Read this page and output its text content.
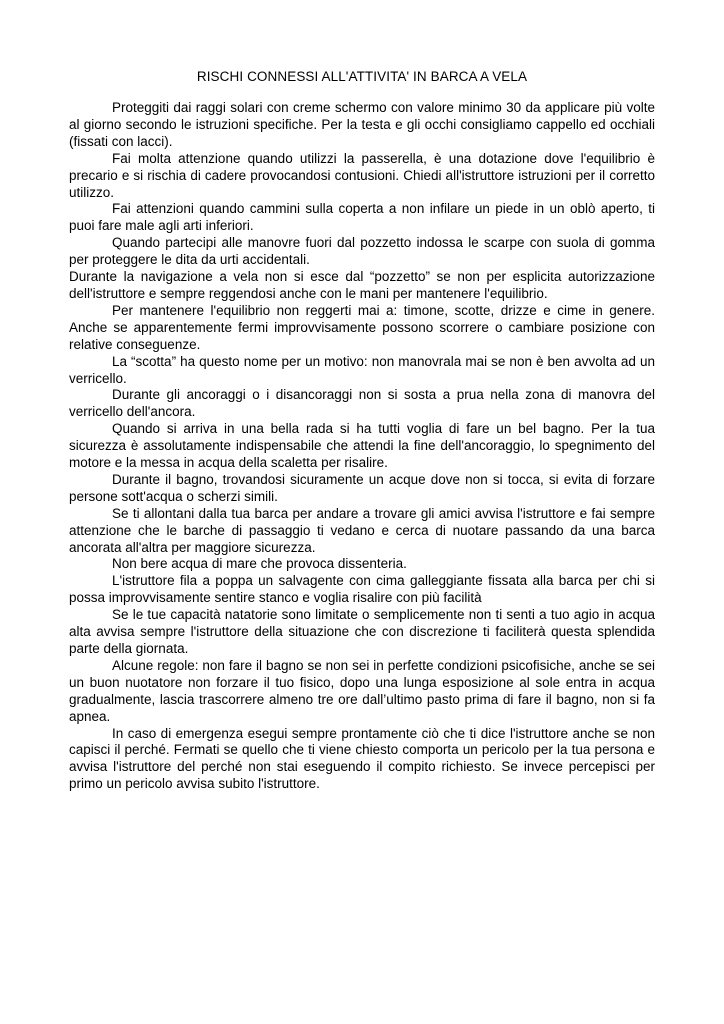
RISCHI CONNESSI ALL'ATTIVITA' IN BARCA A VELA

Proteggiti dai raggi solari con creme schermo con valore minimo 30 da applicare più volte al giorno secondo le istruzioni specifiche. Per la testa e gli occhi consigliamo cappello ed occhiali (fissati con lacci).

Fai molta attenzione quando utilizzi la passerella, è una dotazione dove l'equilibrio è precario e si rischia di cadere provocandosi contusioni. Chiedi all'istruttore istruzioni per il corretto utilizzo.

Fai attenzioni quando cammini sulla coperta a non infilare un piede in un oblò aperto, ti puoi fare male agli arti inferiori.

Quando partecipi alle manovre fuori dal pozzetto indossa le scarpe con suola di gomma per proteggere le dita da urti accidentali.

Durante la navigazione a vela non si esce dal “pozzetto” se non per esplicita autorizzazione dell'istruttore e sempre reggendosi anche con le mani per mantenere l'equilibrio.

Per mantenere l'equilibrio non reggerti mai a: timone, scotte, drizze e cime in genere. Anche se apparentemente fermi improvvisamente possono scorrere o cambiare posizione con relative conseguenze.

La “scotta” ha questo nome per un motivo: non manovrala mai se non è ben avvolta ad un verricello.

Durante gli ancoraggi o i disancoraggi non si sosta a prua nella zona di manovra del verricello dell'ancora.

Quando si arriva in una bella rada si ha tutti voglia di fare un bel bagno. Per la tua sicurezza è assolutamente indispensabile che attendi la fine dell'ancoraggio, lo spegnimento del motore e la messa in acqua della scaletta per risalire.

Durante il bagno, trovandosi sicuramente un acque dove non si tocca, si evita di forzare persone sott'acqua o scherzi simili.

Se ti allontani dalla tua barca per andare a trovare gli amici avvisa l'istruttore e fai sempre attenzione che le barche di passaggio ti vedano e cerca di nuotare passando da una barca ancorata all'altra per maggiore sicurezza.

Non bere acqua di mare che provoca dissenteria.

L'istruttore fila a poppa un salvagente con cima galleggiante fissata alla barca per chi si possa improvvisamente sentire stanco e voglia risalire con più facilità

Se le tue capacità natatorie sono limitate o semplicemente non ti senti a tuo agio in acqua alta avvisa sempre l'istruttore della situazione che con discrezione ti faciliterà questa splendida parte della giornata.

Alcune regole: non fare il bagno se non sei in perfette condizioni psicofisiche, anche se sei un buon nuotatore non forzare il tuo fisico, dopo una lunga esposizione al sole entra in acqua gradualmente, lascia trascorrere almeno tre ore dall’ultimo pasto prima di fare il bagno, non si fa apnea.

In caso di emergenza esegui sempre prontamente ciò che ti dice l'istruttore anche se non capisci il perché. Fermati se quello che ti viene chiesto comporta un pericolo per la tua persona e avvisa l'istruttore del perché non stai eseguendo il compito richiesto. Se invece percepisci per primo un pericolo avvisa subito l'istruttore.
